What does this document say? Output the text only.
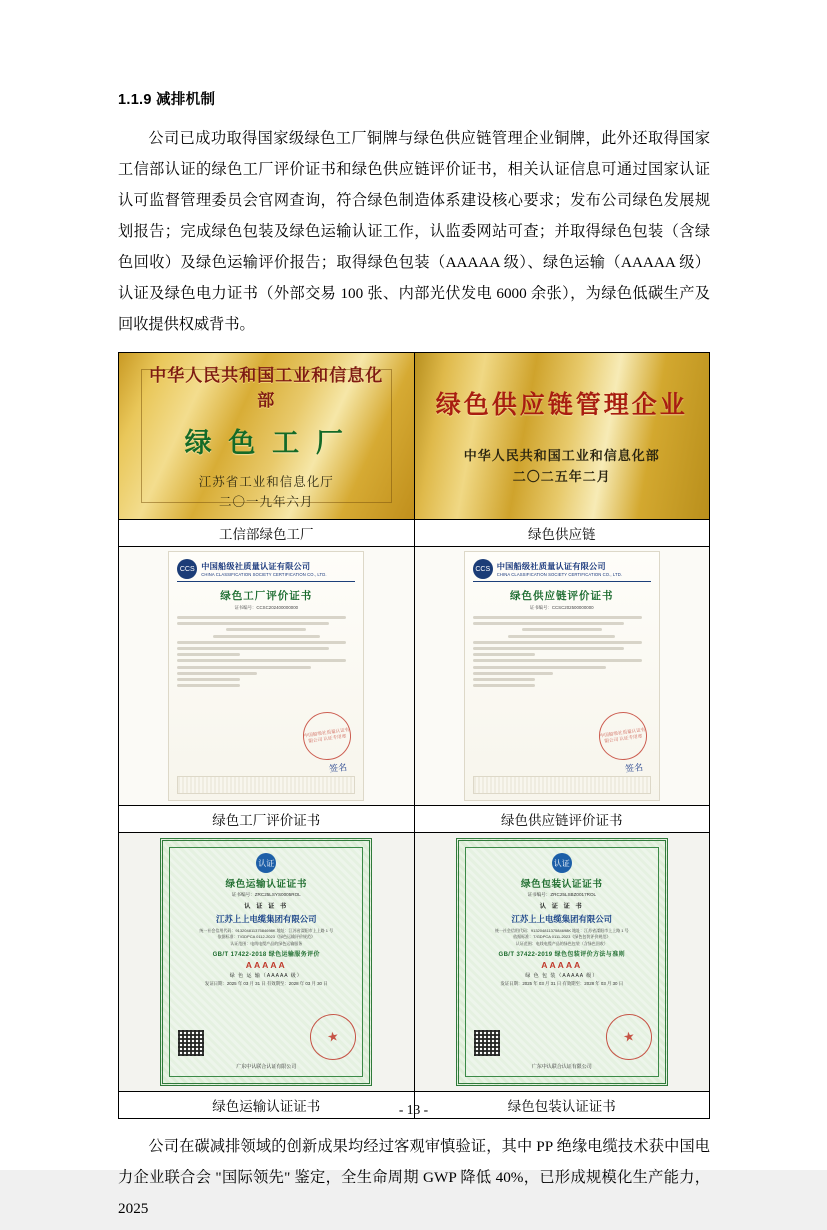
1.1.9 减排机制

公司已成功取得国家级绿色工厂铜牌与绿色供应链管理企业铜牌，此外还取得国家工信部认证的绿色工厂评价证书和绿色供应链评价证书，相关认证信息可通过国家认证认可监督管理委员会官网查询，符合绿色制造体系建设核心要求；发布公司绿色发展规划报告；完成绿色包装及绿色运输认证工作，认监委网站可查；并取得绿色包装（含绿色回收）及绿色运输评价报告；取得绿色包装（AAAAA 级）、绿色运输（AAAAA 级）认证及绿色电力证书（外部交易 100 张、内部光伏发电 6000 余张），为绿色低碳生产及回收提供权威背书。

中华人民共和国工业和信息化部
绿 色 工 厂
江苏省工业和信息化厅
二〇一九年六月

绿色供应链管理企业
中华人民共和国工业和信息化部
二〇二五年二月

工信部绿色工厂	绿色供应链

CCS 中国船级社质量认证有限公司
CHINA CLASSIFICATION SOCIETY CERTIFICATION CO., LTD.
绿色工厂评价证书
证书编号：CCSC202400000000
中国船级社质量认证有限公司 认证专用章
签名

CCS 中国船级社质量认证有限公司
CHINA CLASSIFICATION SOCIETY CERTIFICATION CO., LTD.
绿色供应链评价证书
证书编号：CCSC202500000000
中国船级社质量认证有限公司 认证专用章
签名

绿色工厂评价证书	绿色供应链评价证书

认证
绿色运输认证证书
证书编号：ZRC25LSYS0005ROL
认 证 证 书
江苏上上电缆集团有限公司
统一社会信用代码：91320481137584698K 地址：江苏省溧阳市上上路 1 号
依据标准：T/GDPCA 0112-2023《绿色运输评价规范》
认证范围：电线电缆产品的绿色运输服务
GB/T 17422-2018 绿色运输服务评价
AAAAA
绿 色 运 输（AAAAA 级）
发证日期：2025 年 03 月 31 日 有效期至：2028 年 03 月 30 日
★
广东中认联合认证有限公司

认证
绿色包装认证证书
证书编号：ZRC25LSBZ0017ROL
认 证 证 书
江苏上上电缆集团有限公司
统一社会信用代码：91320481137584698K 地址：江苏省溧阳市上上路 1 号
依据标准：T/GDPCA 0111-2023《绿色包装评价规范》
认证范围：电线电缆产品的绿色包装（含绿色回收）
GB/T 37422-2019 绿色包装评价方法与准则
AAAAA
绿 色 包 装（AAAAA 级）
发证日期：2025 年 03 月 31 日 有效期至：2028 年 03 月 30 日
★
广东中认联合认证有限公司

绿色运输认证证书	绿色包装认证证书

公司在碳减排领域的创新成果均经过客观审慎验证，其中 PP 绝缘电缆技术获中国电力企业联合会 "国际领先" 鉴定，全生命周期 GWP 降低 40%，已形成规模化生产能力，2025

- 13 -
